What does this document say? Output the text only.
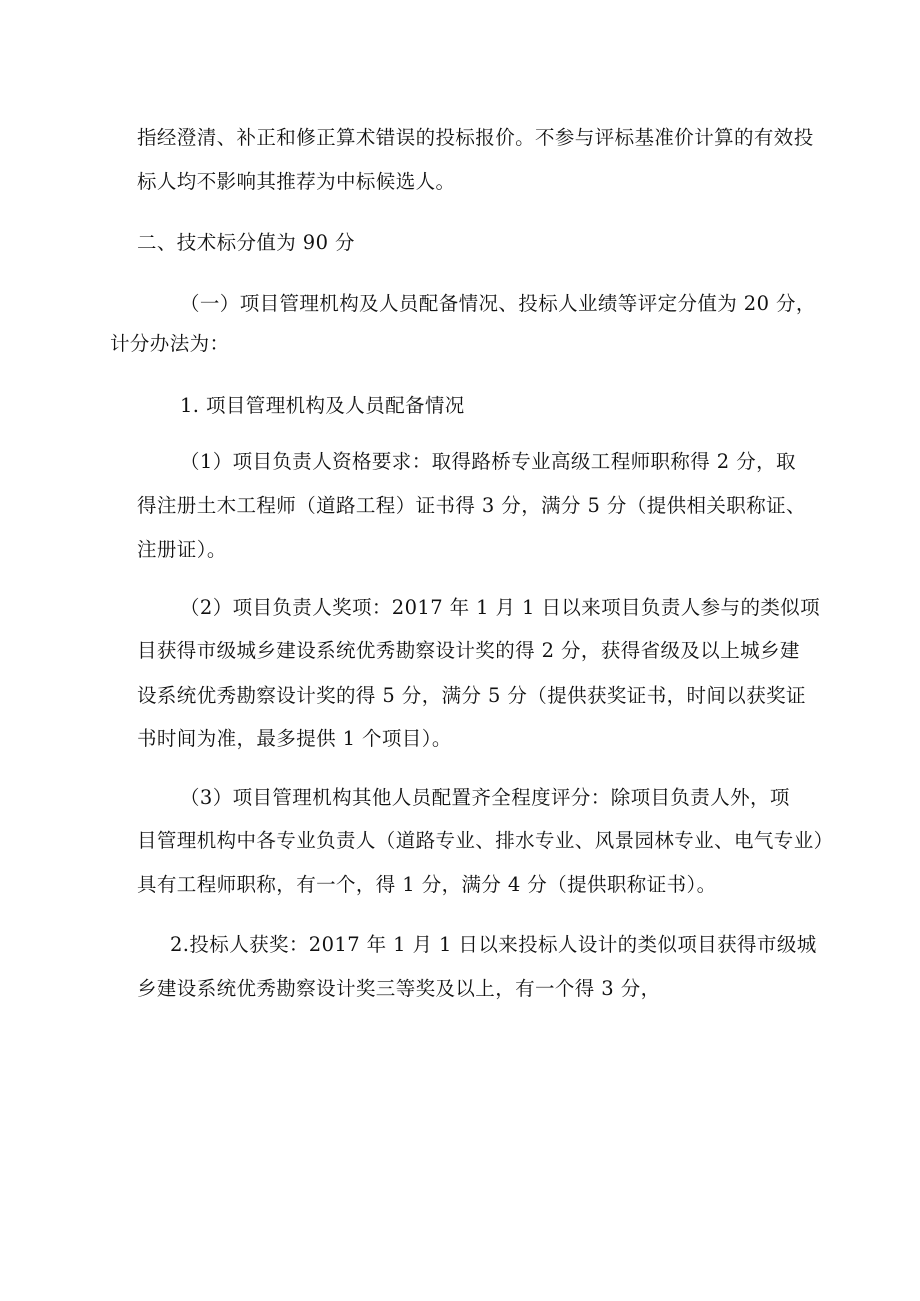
指经澄清、补正和修正算术错误的投标报价。不参与评标基准价计算的有效投
标人均不影响其推荐为中标候选人。
二、技术标分值为 90 分
（一）项目管理机构及人员配备情况、投标人业绩等评定分值为 20 分，
计分办法为：
1. 项目管理机构及人员配备情况
（1）项目负责人资格要求：取得路桥专业高级工程师职称得 2 分，取
得注册土木工程师（道路工程）证书得 3 分，满分 5 分（提供相关职称证、
注册证）。
（2）项目负责人奖项：2017 年 1 月 1 日以来项目负责人参与的类似项
目获得市级城乡建设系统优秀勘察设计奖的得 2 分，获得省级及以上城乡建
设系统优秀勘察设计奖的得 5 分，满分 5 分（提供获奖证书，时间以获奖证
书时间为准，最多提供 1 个项目）。
（3）项目管理机构其他人员配置齐全程度评分：除项目负责人外，项
目管理机构中各专业负责人（道路专业、排水专业、风景园林专业、电气专业）
具有工程师职称，有一个，得 1 分，满分 4 分（提供职称证书）。
2.投标人获奖：2017 年 1 月 1 日以来投标人设计的类似项目获得市级城
乡建设系统优秀勘察设计奖三等奖及以上，有一个得 3 分，
